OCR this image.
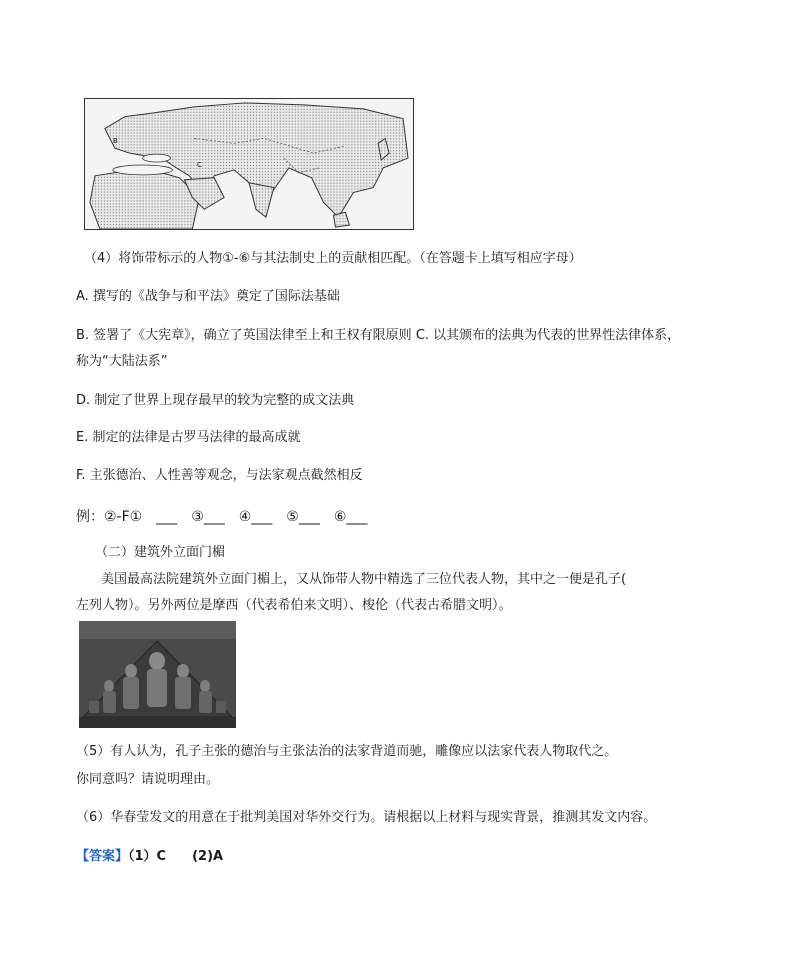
B
C
（4）将饰带标示的人物①-⑥与其法制史上的贡献相匹配。（在答题卡上填写相应字母）
A. 撰写的《战争与和平法》奠定了国际法基础
B. 签署了《大宪章》，确立了英国法律至上和王权有限原则 C. 以其颁布的法典为代表的世界性法律体系，
称为“大陆法系”
D. 制定了世界上现存最早的较为完整的成文法典
E. 制定的法律是古罗马法律的最高成就
F. 主张德治、人性善等观念，与法家观点截然相反
例：②-F①　___　③___　④___　⑤___　⑥___
（二）建筑外立面门楣
美国最高法院建筑外立面门楣上，又从饰带人物中精选了三位代表人物，其中之一便是孔子(
左列人物）。另外两位是摩西（代表希伯来文明）、梭伦（代表古希腊文明）。
（5）有人认为，孔子主张的德治与主张法治的法家背道而驰，雕像应以法家代表人物取代之。
你同意吗？请说明理由。
（6）华春莹发文的用意在于批判美国对华外交行为。请根据以上材料与现实背景，推测其发文内容。
【答案】（1）C　　(2)A
